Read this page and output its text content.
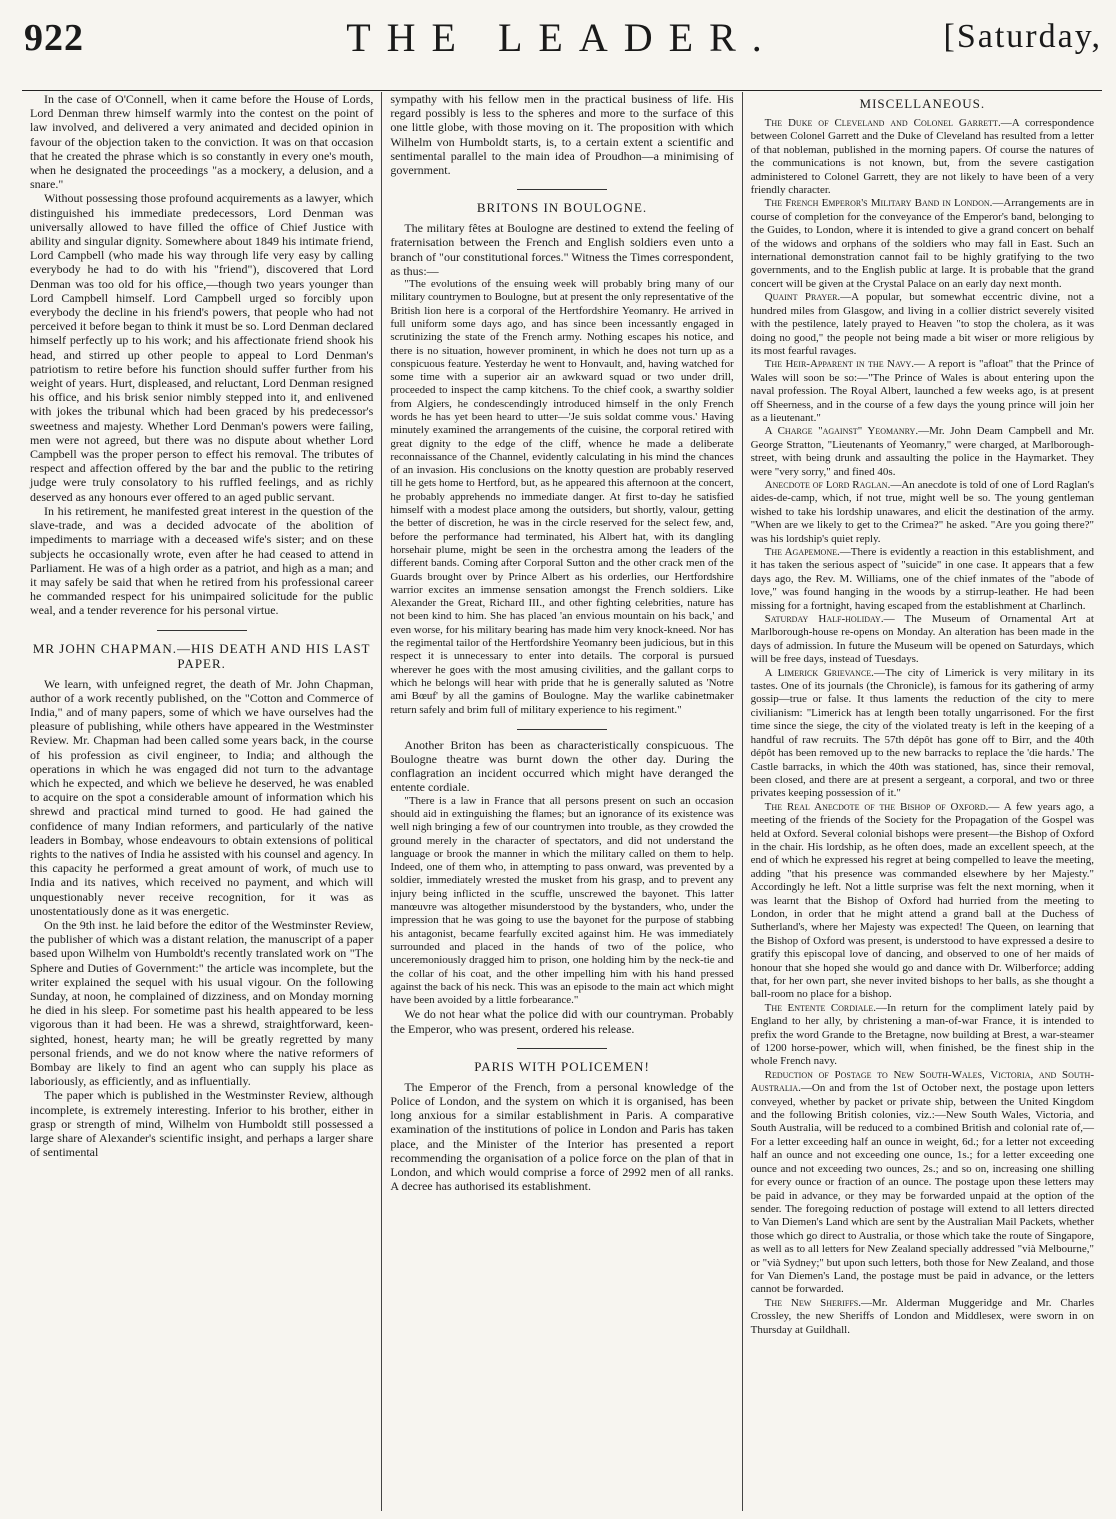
922	THE LEADER.	[Saturday,

In the case of O'Connell, when it came before the House of Lords, Lord Denman threw himself warmly into the contest on the point of law involved, and delivered a very animated and decided opinion in favour of the objection taken to the conviction. It was on that occasion that he created the phrase which is so constantly in every one's mouth, when he designated the proceedings "as a mockery, a delusion, and a snare."

Without possessing those profound acquirements as a lawyer, which distinguished his immediate predecessors, Lord Denman was universally allowed to have filled the office of Chief Justice with ability and singular dignity. Somewhere about 1849 his intimate friend, Lord Campbell (who made his way through life very easy by calling everybody he had to do with his "friend"), discovered that Lord Denman was too old for his office,—though two years younger than Lord Campbell himself. Lord Campbell urged so forcibly upon everybody the decline in his friend's powers, that people who had not perceived it before began to think it must be so. Lord Denman declared himself perfectly up to his work; and his affectionate friend shook his head, and stirred up other people to appeal to Lord Denman's patriotism to retire before his function should suffer further from his weight of years. Hurt, displeased, and reluctant, Lord Denman resigned his office, and his brisk senior nimbly stepped into it, and enlivened with jokes the tribunal which had been graced by his predecessor's sweetness and majesty. Whether Lord Denman's powers were failing, men were not agreed, but there was no dispute about whether Lord Campbell was the proper person to effect his removal. The tributes of respect and affection offered by the bar and the public to the retiring judge were truly consolatory to his ruffled feelings, and as richly deserved as any honours ever offered to an aged public servant.

In his retirement, he manifested great interest in the question of the slave-trade, and was a decided advocate of the abolition of impediments to marriage with a deceased wife's sister; and on these subjects he occasionally wrote, even after he had ceased to attend in Parliament. He was of a high order as a patriot, and high as a man; and it may safely be said that when he retired from his professional career he commanded respect for his unimpaired solicitude for the public weal, and a tender reverence for his personal virtue.

MR JOHN CHAPMAN.—HIS DEATH AND HIS LAST PAPER.

We learn, with unfeigned regret, the death of Mr. John Chapman, author of a work recently published, on the "Cotton and Commerce of India," and of many papers, some of which we have ourselves had the pleasure of publishing, while others have appeared in the Westminster Review. Mr. Chapman had been called some years back, in the course of his profession as civil engineer, to India; and although the operations in which he was engaged did not turn to the advantage which he expected, and which we believe he deserved, he was enabled to acquire on the spot a considerable amount of information which his shrewd and practical mind turned to good. He had gained the confidence of many Indian reformers, and particularly of the native leaders in Bombay, whose endeavours to obtain extensions of political rights to the natives of India he assisted with his counsel and agency. In this capacity he performed a great amount of work, of much use to India and its natives, which received no payment, and which will unquestionably never receive recognition, for it was as unostentatiously done as it was energetic.

On the 9th inst. he laid before the editor of the Westminster Review, the publisher of which was a distant relation, the manuscript of a paper based upon Wilhelm von Humboldt's recently translated work on "The Sphere and Duties of Government:" the article was incomplete, but the writer explained the sequel with his usual vigour. On the following Sunday, at noon, he complained of dizziness, and on Monday morning he died in his sleep. For sometime past his health appeared to be less vigorous than it had been. He was a shrewd, straightforward, keen-sighted, honest, hearty man; he will be greatly regretted by many personal friends, and we do not know where the native reformers of Bombay are likely to find an agent who can supply his place as laboriously, as efficiently, and as influentially.

The paper which is published in the Westminster Review, although incomplete, is extremely interesting. Inferior to his brother, either in grasp or strength of mind, Wilhelm von Humboldt still possessed a large share of Alexander's scientific insight, and perhaps a larger share of sentimental

sympathy with his fellow men in the practical business of life. His regard possibly is less to the spheres and more to the surface of this one little globe, with those moving on it. The proposition with which Wilhelm von Humboldt starts, is, to a certain extent a scientific and sentimental parallel to the main idea of Proudhon—a minimising of government.

BRITONS IN BOULOGNE.

The military fêtes at Boulogne are destined to extend the feeling of fraternisation between the French and English soldiers even unto a branch of "our constitutional forces." Witness the Times correspondent, as thus:—

"The evolutions of the ensuing week will probably bring many of our military countrymen to Boulogne, but at present the only representative of the British lion here is a corporal of the Hertfordshire Yeomanry. He arrived in full uniform some days ago, and has since been incessantly engaged in scrutinizing the state of the French army. Nothing escapes his notice, and there is no situation, however prominent, in which he does not turn up as a conspicuous feature. Yesterday he went to Honvault, and, having watched for some time with a superior air an awkward squad or two under drill, proceeded to inspect the camp kitchens. To the chief cook, a swarthy soldier from Algiers, he condescendingly introduced himself in the only French words he has yet been heard to utter—'Je suis soldat comme vous.' Having minutely examined the arrangements of the cuisine, the corporal retired with great dignity to the edge of the cliff, whence he made a deliberate reconnaissance of the Channel, evidently calculating in his mind the chances of an invasion. His conclusions on the knotty question are probably reserved till he gets home to Hertford, but, as he appeared this afternoon at the concert, he probably apprehends no immediate danger. At first to-day he satisfied himself with a modest place among the outsiders, but shortly, valour, getting the better of discretion, he was in the circle reserved for the select few, and, before the performance had terminated, his Albert hat, with its dangling horsehair plume, might be seen in the orchestra among the leaders of the different bands. Coming after Corporal Sutton and the other crack men of the Guards brought over by Prince Albert as his orderlies, our Hertfordshire warrior excites an immense sensation amongst the French soldiers. Like Alexander the Great, Richard III., and other fighting celebrities, nature has not been kind to him. She has placed 'an envious mountain on his back,' and even worse, for his military bearing has made him very knock-kneed. Nor has the regimental tailor of the Hertfordshire Yeomanry been judicious, but in this respect it is unnecessary to enter into details. The corporal is pursued wherever he goes with the most amusing civilities, and the gallant corps to which he belongs will hear with pride that he is generally saluted as 'Notre ami Bœuf' by all the gamins of Boulogne. May the warlike cabinetmaker return safely and brim full of military experience to his regiment."

Another Briton has been as characteristically conspicuous. The Boulogne theatre was burnt down the other day. During the conflagration an incident occurred which might have deranged the entente cordiale.

"There is a law in France that all persons present on such an occasion should aid in extinguishing the flames; but an ignorance of its existence was well nigh bringing a few of our countrymen into trouble, as they crowded the ground merely in the character of spectators, and did not understand the language or brook the manner in which the military called on them to help. Indeed, one of them who, in attempting to pass onward, was prevented by a soldier, immediately wrested the musket from his grasp, and to prevent any injury being inflicted in the scuffle, unscrewed the bayonet. This latter manœuvre was altogether misunderstood by the bystanders, who, under the impression that he was going to use the bayonet for the purpose of stabbing his antagonist, became fearfully excited against him. He was immediately surrounded and placed in the hands of two of the police, who unceremoniously dragged him to prison, one holding him by the neck-tie and the collar of his coat, and the other impelling him with his hand pressed against the back of his neck. This was an episode to the main act which might have been avoided by a little forbearance."

We do not hear what the police did with our countryman. Probably the Emperor, who was present, ordered his release.

PARIS WITH POLICEMEN!

The Emperor of the French, from a personal knowledge of the Police of London, and the system on which it is organised, has been long anxious for a similar establishment in Paris. A comparative examination of the institutions of police in London and Paris has taken place, and the Minister of the Interior has presented a report recommending the organisation of a police force on the plan of that in London, and which would comprise a force of 2992 men of all ranks. A decree has authorised its establishment.

MISCELLANEOUS.

The Duke of Cleveland and Colonel Garrett.—A correspondence between Colonel Garrett and the Duke of Cleveland has resulted from a letter of that nobleman, published in the morning papers. Of course the natures of the communications is not known, but, from the severe castigation administered to Colonel Garrett, they are not likely to have been of a very friendly character.

The French Emperor's Military Band in London.—Arrangements are in course of completion for the conveyance of the Emperor's band, belonging to the Guides, to London, where it is intended to give a grand concert on behalf of the widows and orphans of the soldiers who may fall in East. Such an international demonstration cannot fail to be highly gratifying to the two governments, and to the English public at large. It is probable that the grand concert will be given at the Crystal Palace on an early day next month.

Quaint Prayer.—A popular, but somewhat eccentric divine, not a hundred miles from Glasgow, and living in a collier district severely visited with the pestilence, lately prayed to Heaven "to stop the cholera, as it was doing no good," the people not being made a bit wiser or more religious by its most fearful ravages.

The Heir-Apparent in the Navy.— A report is "afloat" that the Prince of Wales will soon be so:—"The Prince of Wales is about entering upon the naval profession. The Royal Albert, launched a few weeks ago, is at present off Sheerness, and in the course of a few days the young prince will join her as a lieutenant."

A Charge "against" Yeomanry.—Mr. John Deam Campbell and Mr. George Stratton, "Lieutenants of Yeomanry," were charged, at Marlborough-street, with being drunk and assaulting the police in the Haymarket. They were "very sorry," and fined 40s.

Anecdote of Lord Raglan.—An anecdote is told of one of Lord Raglan's aides-de-camp, which, if not true, might well be so. The young gentleman wished to take his lordship unawares, and elicit the destination of the army. "When are we likely to get to the Crimea?" he asked. "Are you going there?" was his lordship's quiet reply.

The Agapemone.—There is evidently a reaction in this establishment, and it has taken the serious aspect of "suicide" in one case. It appears that a few days ago, the Rev. M. Williams, one of the chief inmates of the "abode of love," was found hanging in the woods by a stirrup-leather. He had been missing for a fortnight, having escaped from the establishment at Charlinch.

Saturday Half-holiday.— The Museum of Ornamental Art at Marlborough-house re-opens on Monday. An alteration has been made in the days of admission. In future the Museum will be opened on Saturdays, which will be free days, instead of Tuesdays.

A Limerick Grievance.—The city of Limerick is very military in its tastes. One of its journals (the Chronicle), is famous for its gathering of army gossip—true or false. It thus laments the reduction of the city to mere civilianism: "Limerick has at length been totally ungarrisoned. For the first time since the siege, the city of the violated treaty is left in the keeping of a handful of raw recruits. The 57th dépôt has gone off to Birr, and the 40th dépôt has been removed up to the new barracks to replace the 'die hards.' The Castle barracks, in which the 40th was stationed, has, since their removal, been closed, and there are at present a sergeant, a corporal, and two or three privates keeping possession of it."

The Real Anecdote of the Bishop of Oxford.— A few years ago, a meeting of the friends of the Society for the Propagation of the Gospel was held at Oxford. Several colonial bishops were present—the Bishop of Oxford in the chair. His lordship, as he often does, made an excellent speech, at the end of which he expressed his regret at being compelled to leave the meeting, adding "that his presence was commanded elsewhere by her Majesty." Accordingly he left. Not a little surprise was felt the next morning, when it was learnt that the Bishop of Oxford had hurried from the meeting to London, in order that he might attend a grand ball at the Duchess of Sutherland's, where her Majesty was expected! The Queen, on learning that the Bishop of Oxford was present, is understood to have expressed a desire to gratify this episcopal love of dancing, and observed to one of her maids of honour that she hoped she would go and dance with Dr. Wilberforce; adding that, for her own part, she never invited bishops to her balls, as she thought a ball-room no place for a bishop.

The Entente Cordiale.—In return for the compliment lately paid by England to her ally, by christening a man-of-war France, it is intended to prefix the word Grande to the Bretagne, now building at Brest, a war-steamer of 1200 horse-power, which will, when finished, be the finest ship in the whole French navy.

Reduction of Postage to New South-Wales, Victoria, and South-Australia.—On and from the 1st of October next, the postage upon letters conveyed, whether by packet or private ship, between the United Kingdom and the following British colonies, viz.:—New South Wales, Victoria, and South Australia, will be reduced to a combined British and colonial rate of,—For a letter exceeding half an ounce in weight, 6d.; for a letter not exceeding half an ounce and not exceeding one ounce, 1s.; for a letter exceeding one ounce and not exceeding two ounces, 2s.; and so on, increasing one shilling for every ounce or fraction of an ounce. The postage upon these letters may be paid in advance, or they may be forwarded unpaid at the option of the sender. The foregoing reduction of postage will extend to all letters directed to Van Diemen's Land which are sent by the Australian Mail Packets, whether those which go direct to Australia, or those which take the route of Singapore, as well as to all letters for New Zealand specially addressed "vià Melbourne," or "vià Sydney;" but upon such letters, both those for New Zealand, and those for Van Diemen's Land, the postage must be paid in advance, or the letters cannot be forwarded.

The New Sheriffs.—Mr. Alderman Muggeridge and Mr. Charles Crossley, the new Sheriffs of London and Middlesex, were sworn in on Thursday at Guildhall.
